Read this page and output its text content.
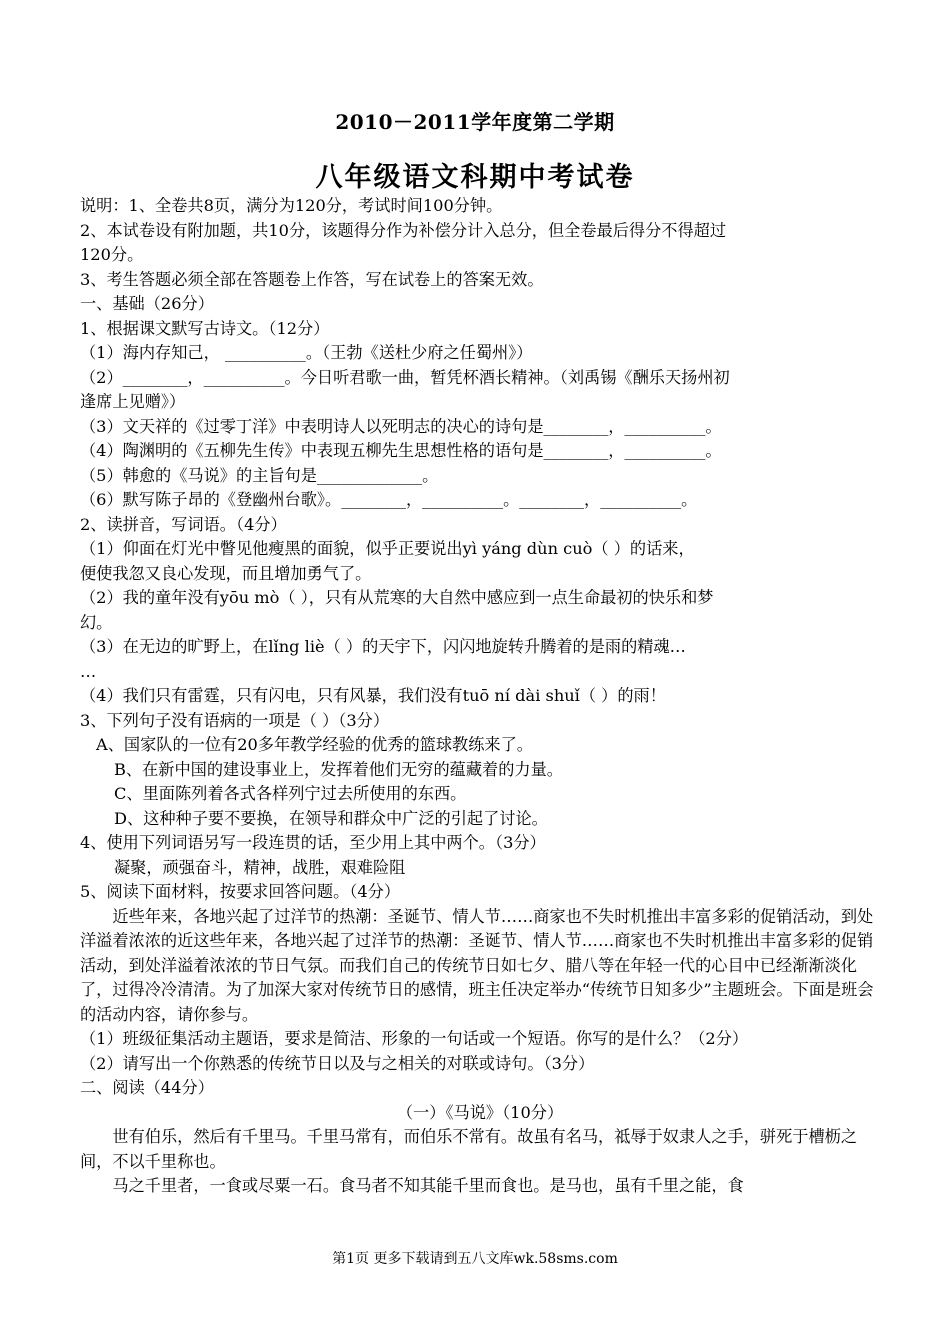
2010－2011学年度第二学期
八年级语文科期中考试卷
说明：1、全卷共8页，满分为120分，考试时间100分钟。
2、本试卷设有附加题，共10分，该题得分作为补偿分计入总分，但全卷最后得分不得超过
120分。
3、考生答题必须全部在答题卷上作答，写在试卷上的答案无效。
一、基础（26分）
1、根据课文默写古诗文。（12分）
（1）海内存知己， __________。（王勃《送杜少府之任蜀州》）
（2）________，__________。今日听君歌一曲，暂凭杯酒长精神。（刘禹锡《酬乐天扬州初
逢席上见赠》）
（3）文天祥的《过零丁洋》中表明诗人以死明志的决心的诗句是________，__________。
（4）陶渊明的《五柳先生传》中表现五柳先生思想性格的语句是________，__________。
（5）韩愈的《马说》的主旨句是_____________。
（6）默写陈子昂的《登幽州台歌》。________，__________。________，__________。
2、读拼音，写词语。（4分）
（1）仰面在灯光中瞥见他瘦黑的面貌，似乎正要说出yì yáng dùn cuò（ ）的话来，
便使我忽又良心发现，而且增加勇气了。
（2）我的童年没有yōu mò（ ），只有从荒寒的大自然中感应到一点生命最初的快乐和梦
幻。
（3）在无边的旷野上，在lǐng liè（ ）的天宇下，闪闪地旋转升腾着的是雨的精魂…
…
（4）我们只有雷霆，只有闪电，只有风暴，我们没有tuō ní dài shuǐ（ ）的雨！
3、下列句子没有语病的一项是（ ）（3分）
A、国家队的一位有20多年教学经验的优秀的篮球教练来了。
B、在新中国的建设事业上，发挥着他们无穷的蕴藏着的力量。
C、里面陈列着各式各样列宁过去所使用的东西。
D、这种种子要不要换，在领导和群众中广泛的引起了讨论。
4、使用下列词语另写一段连贯的话，至少用上其中两个。（3分）
凝聚，顽强奋斗，精神，战胜，艰难险阻
5、阅读下面材料，按要求回答问题。（4分）
近些年来，各地兴起了过洋节的热潮：圣诞节、情人节……商家也不失时机推出丰富多彩的促销活动，到处洋溢着浓浓的近这些年来，各地兴起了过洋节的热潮：圣诞节、情人节……商家也不失时机推出丰富多彩的促销活动，到处洋溢着浓浓的节日气氛。而我们自己的传统节日如七夕、腊八等在年轻一代的心目中已经渐渐淡化了，过得冷冷清清。为了加深大家对传统节日的感情，班主任决定举办“传统节日知多少”主题班会。下面是班会的活动内容，请你参与。
（1）班级征集活动主题语，要求是简洁、形象的一句话或一个短语。你写的是什么？（2分）
（2）请写出一个你熟悉的传统节日以及与之相关的对联或诗句。（3分）
二、阅读（44分）
（一）《马说》（10分）
世有伯乐，然后有千里马。千里马常有，而伯乐不常有。故虽有名马，祗辱于奴隶人之手，骈死于槽枥之间，不以千里称也。
马之千里者，一食或尽粟一石。食马者不知其能千里而食也。是马也，虽有千里之能，食
第1页 更多下载请到五八文库wk.58sms.com
